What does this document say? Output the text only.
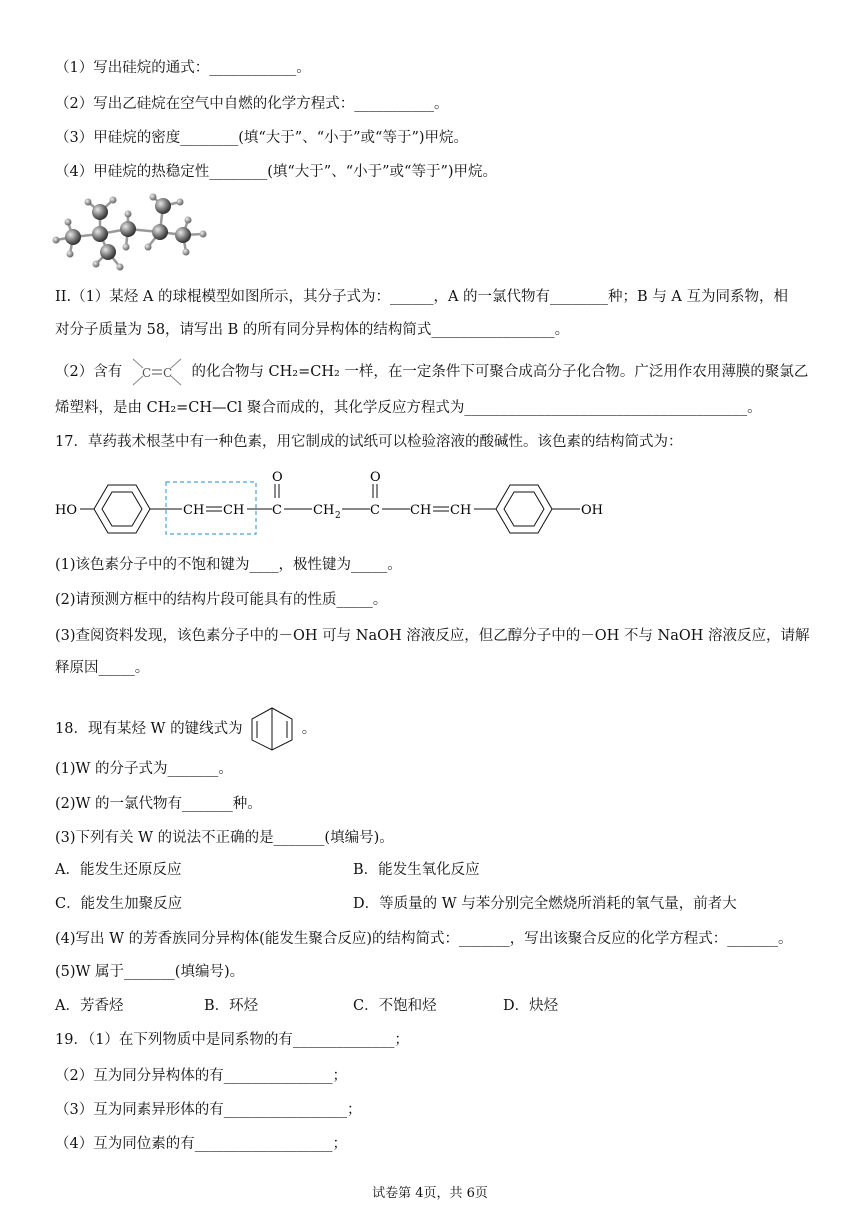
（1）写出硅烷的通式：____________。
（2）写出乙硅烷在空气中自燃的化学方程式：___________。
（3）甲硅烷的密度________(填“大于”、“小于”或“等于”)甲烷。
（4）甲硅烷的热稳定性________(填“大于”、“小于”或“等于”)甲烷。
II.（1）某烃 A 的球棍模型如图所示，其分子式为：______，A 的一氯代物有________种；B 与 A 互为同系物，相
对分子质量为 58，请写出 B 的所有同分异构体的结构简式_________________。
（2）含有 C C 的化合物与 CH₂=CH₂ 一样，在一定条件下可聚合成高分子化合物。广泛用作农用薄膜的聚氯乙
烯塑料，是由 CH₂=CH—Cl 聚合而成的，其化学反应方程式为_______________________________________。
17．草药莪术根茎中有一种色素，用它制成的试纸可以检验溶液的酸碱性。该色素的结构简式为：
HO	CH CH C
O
CH 2 C
O
CH CH	OH
(1)该色素分子中的不饱和键为____，极性键为_____。
(2)请预测方框中的结构片段可能具有的性质_____。
(3)查阅资料发现，该色素分子中的－OH 可与 NaOH 溶液反应，但乙醇分子中的－OH 不与 NaOH 溶液反应，请解
释原因_____。
18．现有某烃 W 的键线式为	。
(1)W 的分子式为_______。
(2)W 的一氯代物有_______种。
(3)下列有关 W 的说法不正确的是_______(填编号)。
A．能发生还原反应	B．能发生氧化反应
C．能发生加聚反应	D．等质量的 W 与苯分别完全燃烧所消耗的氧气量，前者大
(4)写出 W 的芳香族同分异构体(能发生聚合反应)的结构简式：_______，写出该聚合反应的化学方程式：_______。
(5)W 属于_______(填编号)。
A．芳香烃	B．环烃	C．不饱和烃	D．炔烃
19．（1）在下列物质中是同系物的有______________；
（2）互为同分异构体的有_______________；
（3）互为同素异形体的有_________________；
（4）互为同位素的有___________________；
试卷第 4页，共 6页
